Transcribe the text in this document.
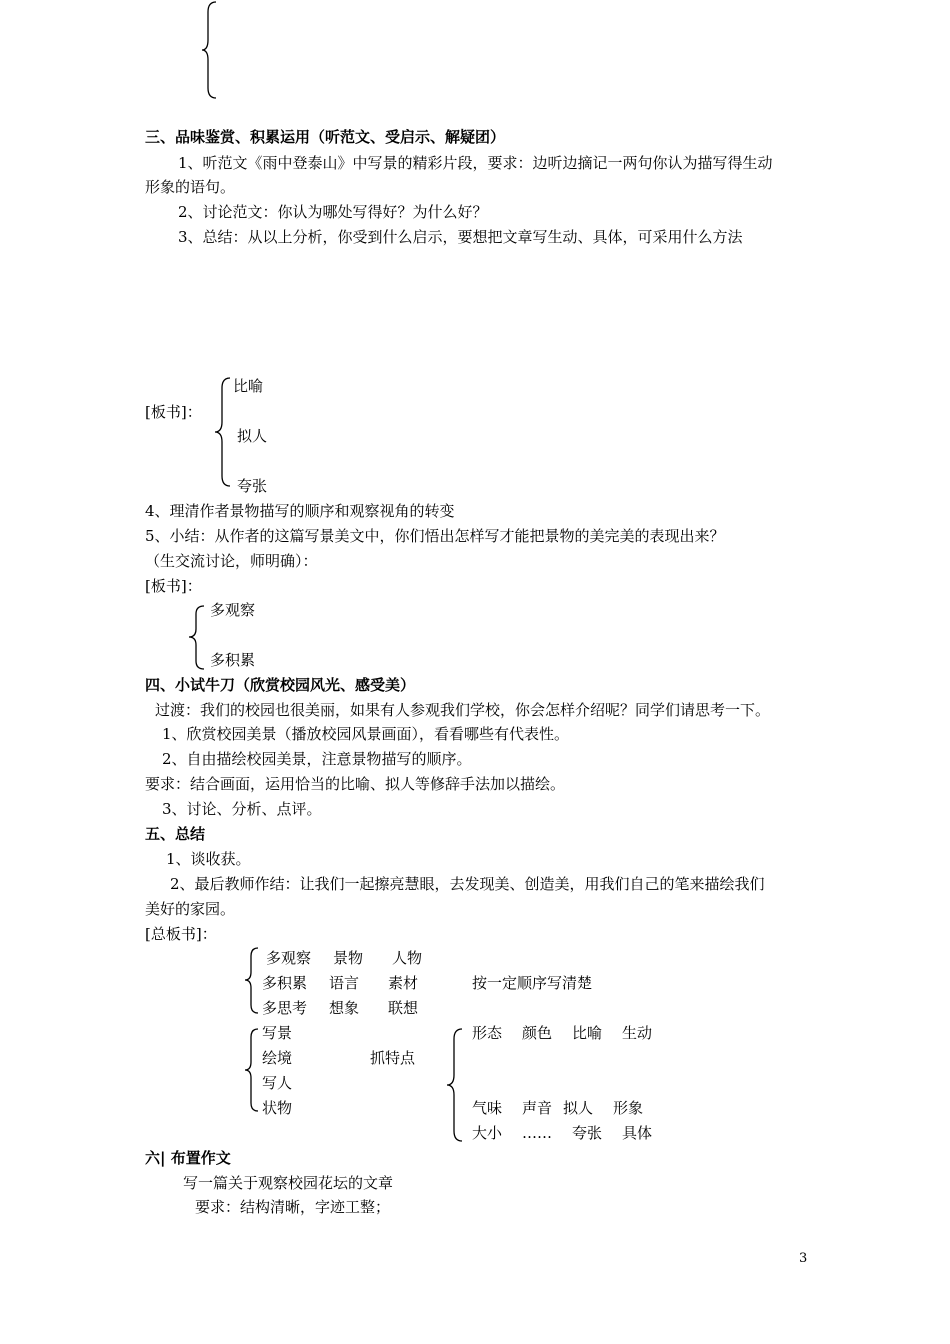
三、品味鉴赏、积累运用（听范文、受启示、解疑团）
1、听范文《雨中登泰山》中写景的精彩片段，要求：边听边摘记一两句你认为描写得生动
形象的语句。
2、讨论范文：你认为哪处写得好？为什么好？
3、总结：从以上分析，你受到什么启示，要想把文章写生动、具体，可采用什么方法
[板书]：
比喻
拟人
夸张
4、理清作者景物描写的顺序和观察视角的转变
5、小结：从作者的这篇写景美文中，你们悟出怎样写才能把景物的美完美的表现出来？
（生交流讨论，师明确）：
[板书]：
多观察
多积累
四、小试牛刀（欣赏校园风光、感受美）
过渡：我们的校园也很美丽，如果有人参观我们学校，你会怎样介绍呢？同学们请思考一下。
1、欣赏校园美景（播放校园风景画面），看看哪些有代表性。
2、自由描绘校园美景，注意景物描写的顺序。
要求：结合画面，运用恰当的比喻、拟人等修辞手法加以描绘。
3、讨论、分析、点评。
五、总结
1、谈收获。
2、最后教师作结：让我们一起擦亮慧眼，去发现美、创造美，用我们自己的笔来描绘我们
美好的家园。
[总板书]：
多观察 景物 人物
多积累 语言 素材	按一定顺序写清楚
多思考 想象 联想
写景
绘境	抓特点
写人
状物
形态 颜色 比喻 生动
气味 声音 拟人 形象
大小 …… 夸张 具体
六| 布置作文
写一篇关于观察校园花坛的文章
要求：结构清晰，字迹工整；
3
